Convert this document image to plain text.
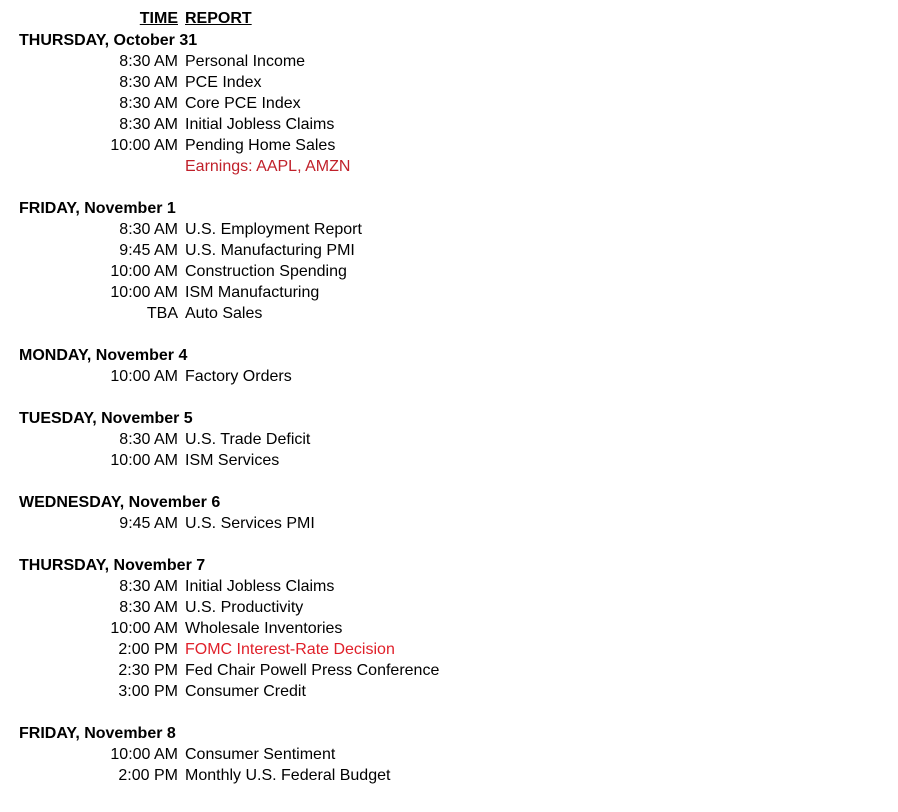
TIME REPORT
THURSDAY, October 31
8:30 AM Personal Income
8:30 AM PCE Index
8:30 AM Core PCE Index
8:30 AM Initial Jobless Claims
10:00 AM Pending Home Sales
Earnings: AAPL, AMZN
FRIDAY, November 1
8:30 AM U.S. Employment Report
9:45 AM U.S. Manufacturing PMI
10:00 AM Construction Spending
10:00 AM ISM Manufacturing
TBA Auto Sales
MONDAY, November 4
10:00 AM Factory Orders
TUESDAY, November 5
8:30 AM U.S. Trade Deficit
10:00 AM ISM Services
WEDNESDAY, November 6
9:45 AM U.S. Services PMI
THURSDAY, November 7
8:30 AM Initial Jobless Claims
8:30 AM U.S. Productivity
10:00 AM Wholesale Inventories
2:00 PM FOMC Interest-Rate Decision
2:30 PM Fed Chair Powell Press Conference
3:00 PM Consumer Credit
FRIDAY, November 8
10:00 AM Consumer Sentiment
2:00 PM Monthly U.S. Federal Budget
